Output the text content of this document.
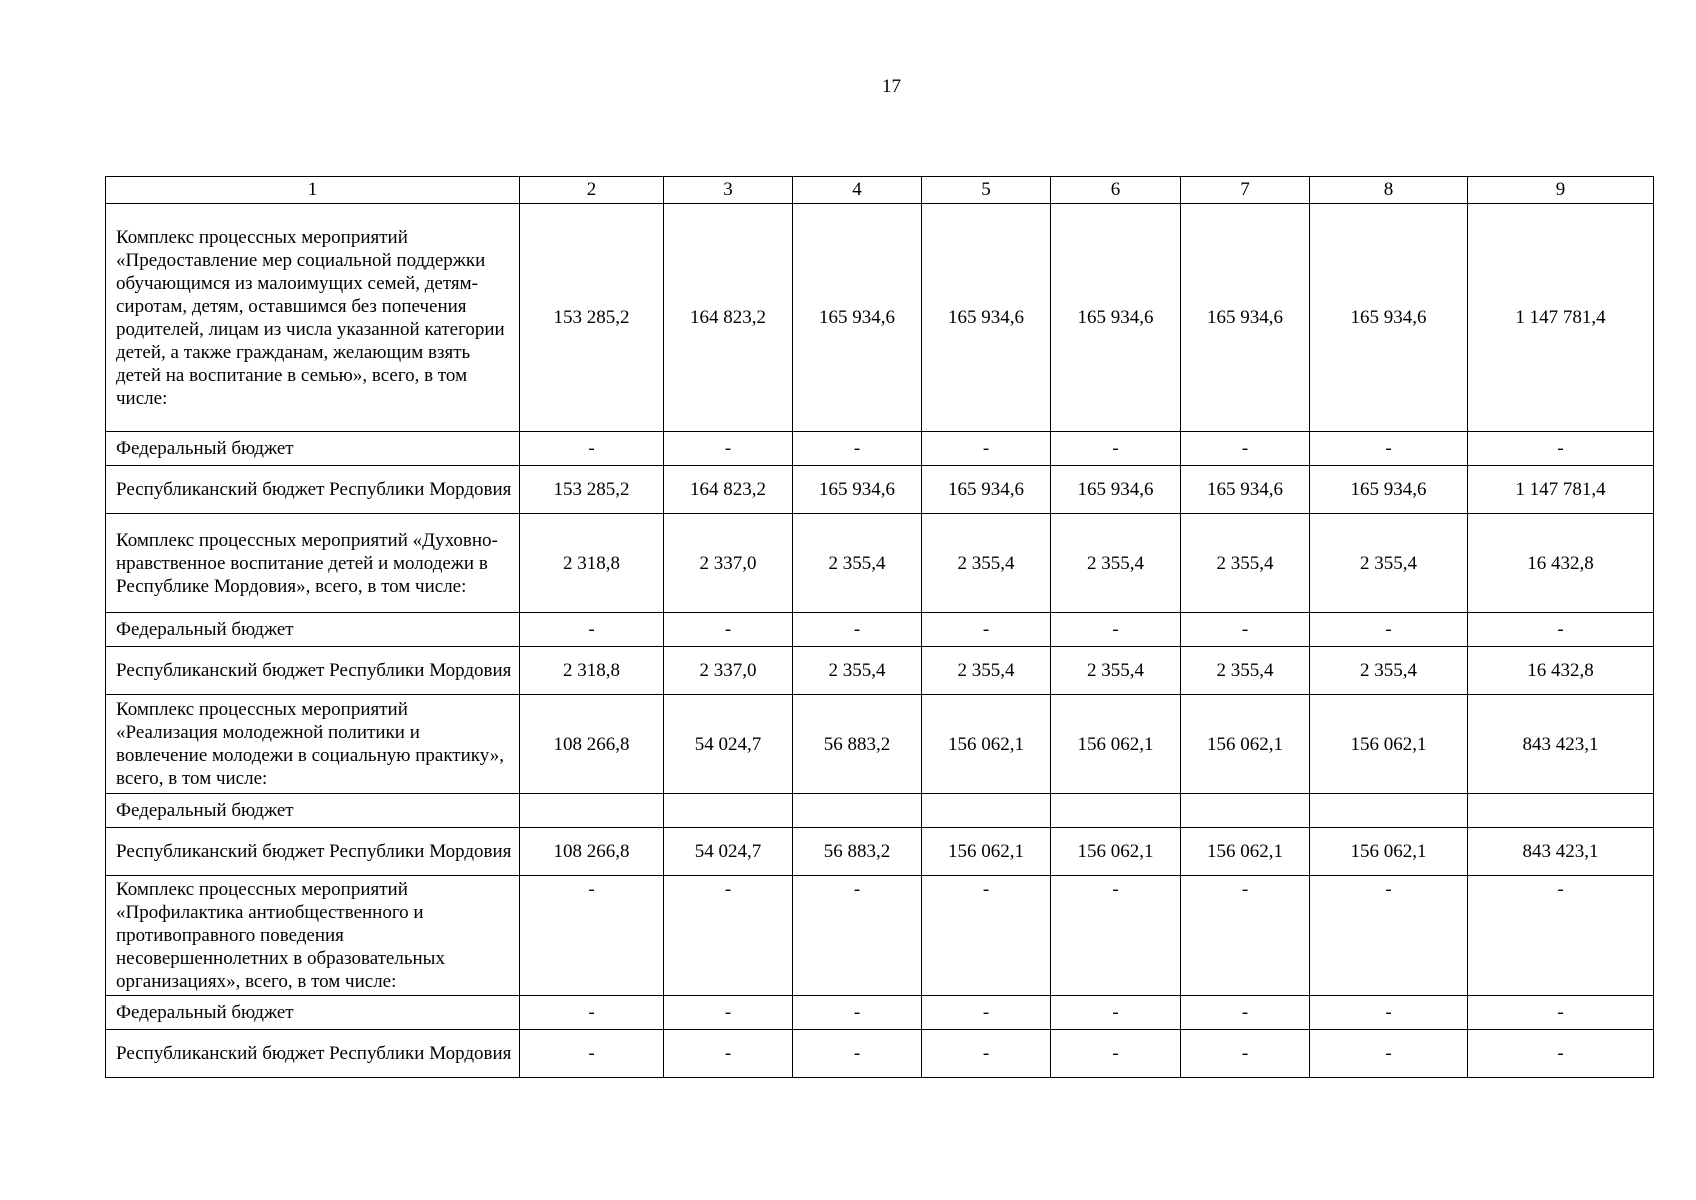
17
1	2	3	4	5	6	7	8	9
Комплекс процессных мероприятий «Предоставление мер социальной поддержки обучающимся из малоимущих семей, детям-сиротам, детям, оставшимся без попечения родителей, лицам из числа указанной категории детей, а также гражданам, желающим взять детей на воспитание в семью», всего, в том числе:	153 285,2	164 823,2	165 934,6	165 934,6	165 934,6	165 934,6	165 934,6	1 147 781,4
Федеральный бюджет	-	-	-	-	-	-	-	-
Республиканский бюджет Республики Мордовия	153 285,2	164 823,2	165 934,6	165 934,6	165 934,6	165 934,6	165 934,6	1 147 781,4
Комплекс процессных мероприятий «Духовно-нравственное воспитание детей и молодежи в Республике Мордовия», всего, в том числе:	2 318,8	2 337,0	2 355,4	2 355,4	2 355,4	2 355,4	2 355,4	16 432,8
Федеральный бюджет	-	-	-	-	-	-	-	-
Республиканский бюджет Республики Мордовия	2 318,8	2 337,0	2 355,4	2 355,4	2 355,4	2 355,4	2 355,4	16 432,8
Комплекс процессных мероприятий «Реализация молодежной политики и вовлечение молодежи в социальную практику», всего, в том числе:	108 266,8	54 024,7	56 883,2	156 062,1	156 062,1	156 062,1	156 062,1	843 423,1
Федеральный бюджет								
Республиканский бюджет Республики Мордовия	108 266,8	54 024,7	56 883,2	156 062,1	156 062,1	156 062,1	156 062,1	843 423,1
Комплекс процессных мероприятий «Профилактика антиобщественного и противоправного поведения несовершеннолетних в образовательных организациях», всего, в том числе:	-	-	-	-	-	-	-	-
Федеральный бюджет	-	-	-	-	-	-	-	-
Республиканский бюджет Республики Мордовия	-	-	-	-	-	-	-	-
